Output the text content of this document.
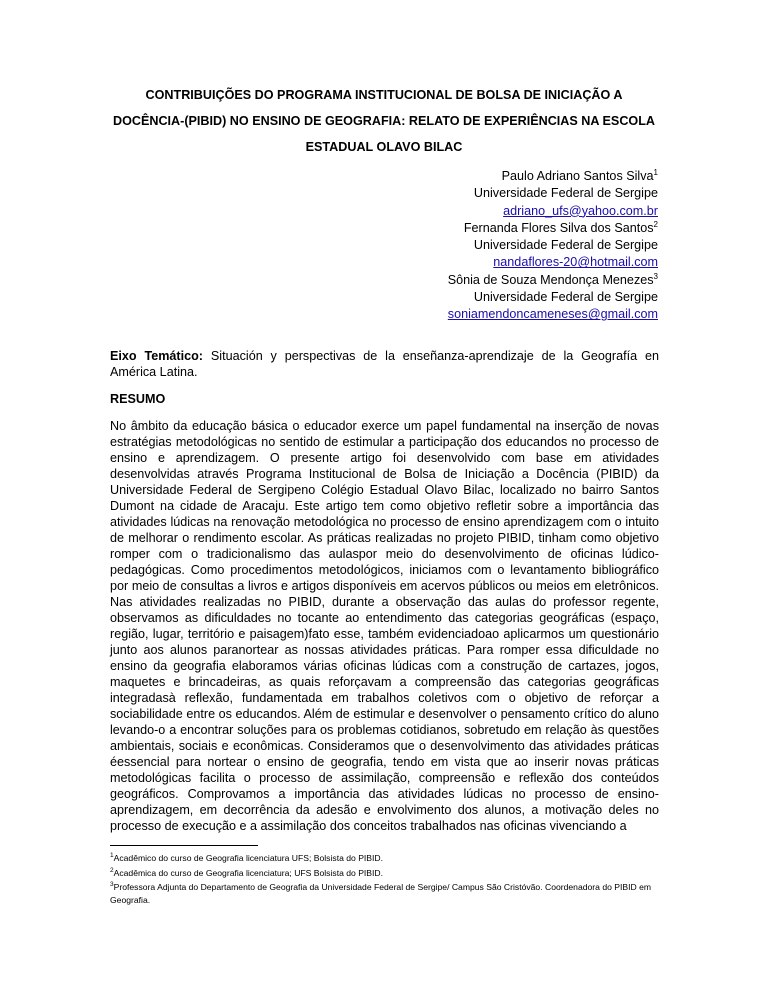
CONTRIBUIÇÕES DO PROGRAMA INSTITUCIONAL DE BOLSA DE INICIAÇÃO A
DOCÊNCIA-(PIBID) NO ENSINO DE GEOGRAFIA: RELATO DE EXPERIÊNCIAS NA ESCOLA
ESTADUAL OLAVO BILAC
Paulo Adriano Santos Silva$^1$
Universidade Federal de Sergipe
adriano_ufs@yahoo.com.br
Fernanda Flores Silva dos Santos$^2$
Universidade Federal de Sergipe
nandaflores-20@hotmail.com
Sônia de Souza Mendonça Menezes$^3$
Universidade Federal de Sergipe
soniamendoncameneses@gmail.com
Eixo Temático: Situación y perspectivas de la enseñanza-aprendizaje de la Geografía en América Latina.
RESUMO

No âmbito da educação básica o educador exerce um papel fundamental na inserção de novas estratégias metodológicas no sentido de estimular a participação dos educandos no processo de ensino e aprendizagem. O presente artigo foi desenvolvido com base em atividades desenvolvidas através Programa Institucional de Bolsa de Iniciação a Docência (PIBID) da Universidade Federal de Sergipeno Colégio Estadual Olavo Bilac, localizado no bairro Santos Dumont na cidade de Aracaju. Este artigo tem como objetivo refletir sobre a importância das atividades lúdicas na renovação metodológica no processo de ensino aprendizagem com o intuito de melhorar o rendimento escolar. As práticas realizadas no projeto PIBID, tinham como objetivo romper com o tradicionalismo das aulaspor meio do desenvolvimento de oficinas lúdico-pedagógicas. Como procedimentos metodológicos, iniciamos com o levantamento bibliográfico por meio de consultas a livros e artigos disponíveis em acervos públicos ou meios em eletrônicos. Nas atividades realizadas no PIBID, durante a observação das aulas do professor regente, observamos as dificuldades no tocante ao entendimento das categorias geográficas (espaço, região, lugar, território e paisagem)fato esse, também evidenciadoao aplicarmos um questionário junto aos alunos paranortear as nossas atividades práticas. Para romper essa dificuldade no ensino da geografia elaboramos várias oficinas lúdicas com a construção de cartazes, jogos, maquetes e brincadeiras, as quais reforçavam a compreensão das categorias geográficas integradasà reflexão, fundamentada em trabalhos coletivos com o objetivo de reforçar a sociabilidade entre os educandos. Além de estimular e desenvolver o pensamento crítico do aluno levando-o a encontrar soluções para os problemas cotidianos, sobretudo em relação às questões ambientais, sociais e econômicas. Consideramos que o desenvolvimento das atividades práticas éessencial para nortear o ensino de geografia, tendo em vista que ao inserir novas práticas metodológicas facilita o processo de assimilação, compreensão e reflexão dos conteúdos geográficos. Comprovamos a importância das atividades lúdicas no processo de ensino-aprendizagem, em decorrência da adesão e envolvimento dos alunos, a motivação deles no processo de execução e a assimilação dos conceitos trabalhados nas oficinas vivenciando a

$^1$Acadêmico do curso de Geografia licenciatura UFS; Bolsista do PIBID.
$^2$Acadêmica do curso de Geografia licenciatura; UFS Bolsista do PIBID.
$^3$Professora Adjunta do Departamento de Geografia da Universidade Federal de Sergipe/ Campus São Cristóvão. Coordenadora do PIBID em Geografia.
